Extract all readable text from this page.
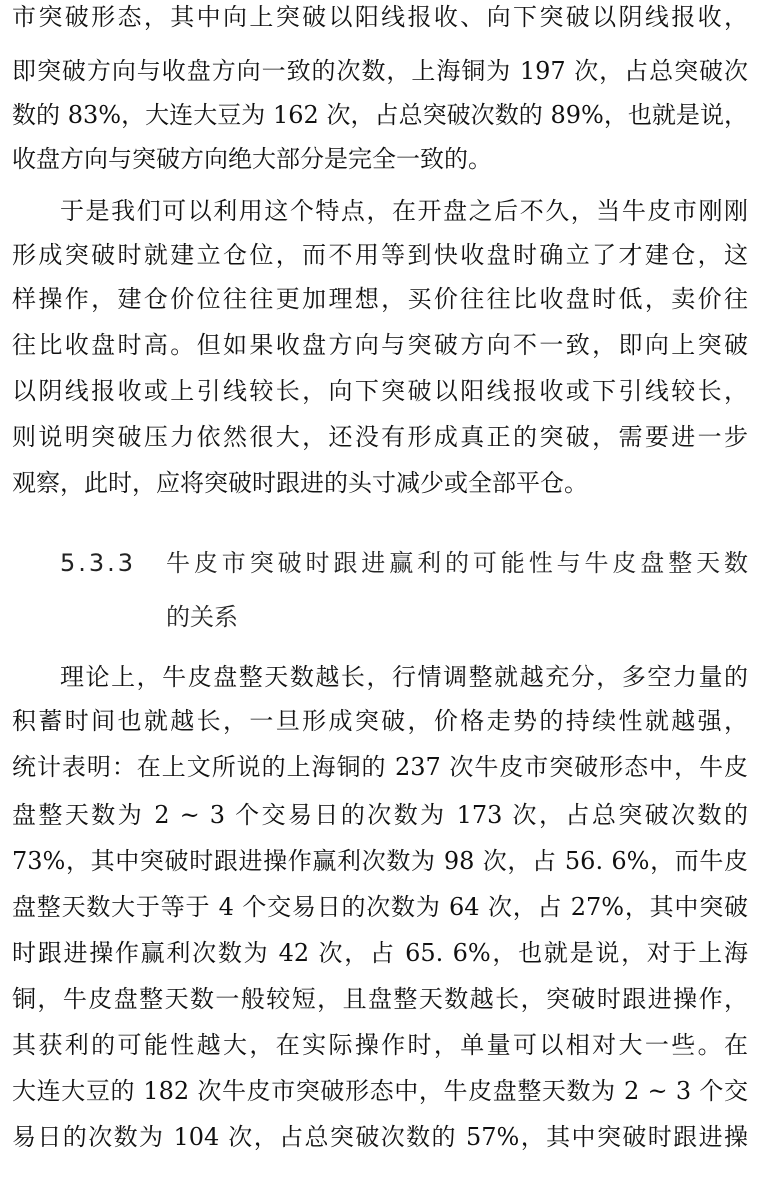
市突破形态，其中向上突破以阳线报收、向下突破以阴线报收，
即突破方向与收盘方向一致的次数，上海铜为 197 次，占总突破次
数的 83%，大连大豆为 162 次，占总突破次数的 89%，也就是说，
收盘方向与突破方向绝大部分是完全一致的。
于是我们可以利用这个特点，在开盘之后不久，当牛皮市刚刚
形成突破时就建立仓位，而不用等到快收盘时确立了才建仓，这
样操作，建仓价位往往更加理想，买价往往比收盘时低，卖价往
往比收盘时高。但如果收盘方向与突破方向不一致，即向上突破
以阴线报收或上引线较长，向下突破以阳线报收或下引线较长，
则说明突破压力依然很大，还没有形成真正的突破，需要进一步
观察，此时，应将突破时跟进的头寸减少或全部平仓。
5.3.3 牛皮市突破时跟进赢利的可能性与牛皮盘整天数
的关系
理论上，牛皮盘整天数越长，行情调整就越充分，多空力量的
积蓄时间也就越长，一旦形成突破，价格走势的持续性就越强，
统计表明：在上文所说的上海铜的 237 次牛皮市突破形态中，牛皮
盘整天数为 2 ~ 3 个交易日的次数为 173 次，占总突破次数的
73%，其中突破时跟进操作赢利次数为 98 次，占 56. 6%，而牛皮
盘整天数大于等于 4 个交易日的次数为 64 次，占 27%，其中突破
时跟进操作赢利次数为 42 次，占 65. 6%，也就是说，对于上海
铜，牛皮盘整天数一般较短，且盘整天数越长，突破时跟进操作，
其获利的可能性越大，在实际操作时，单量可以相对大一些。在
大连大豆的 182 次牛皮市突破形态中，牛皮盘整天数为 2 ~ 3 个交
易日的次数为 104 次，占总突破次数的 57%，其中突破时跟进操
